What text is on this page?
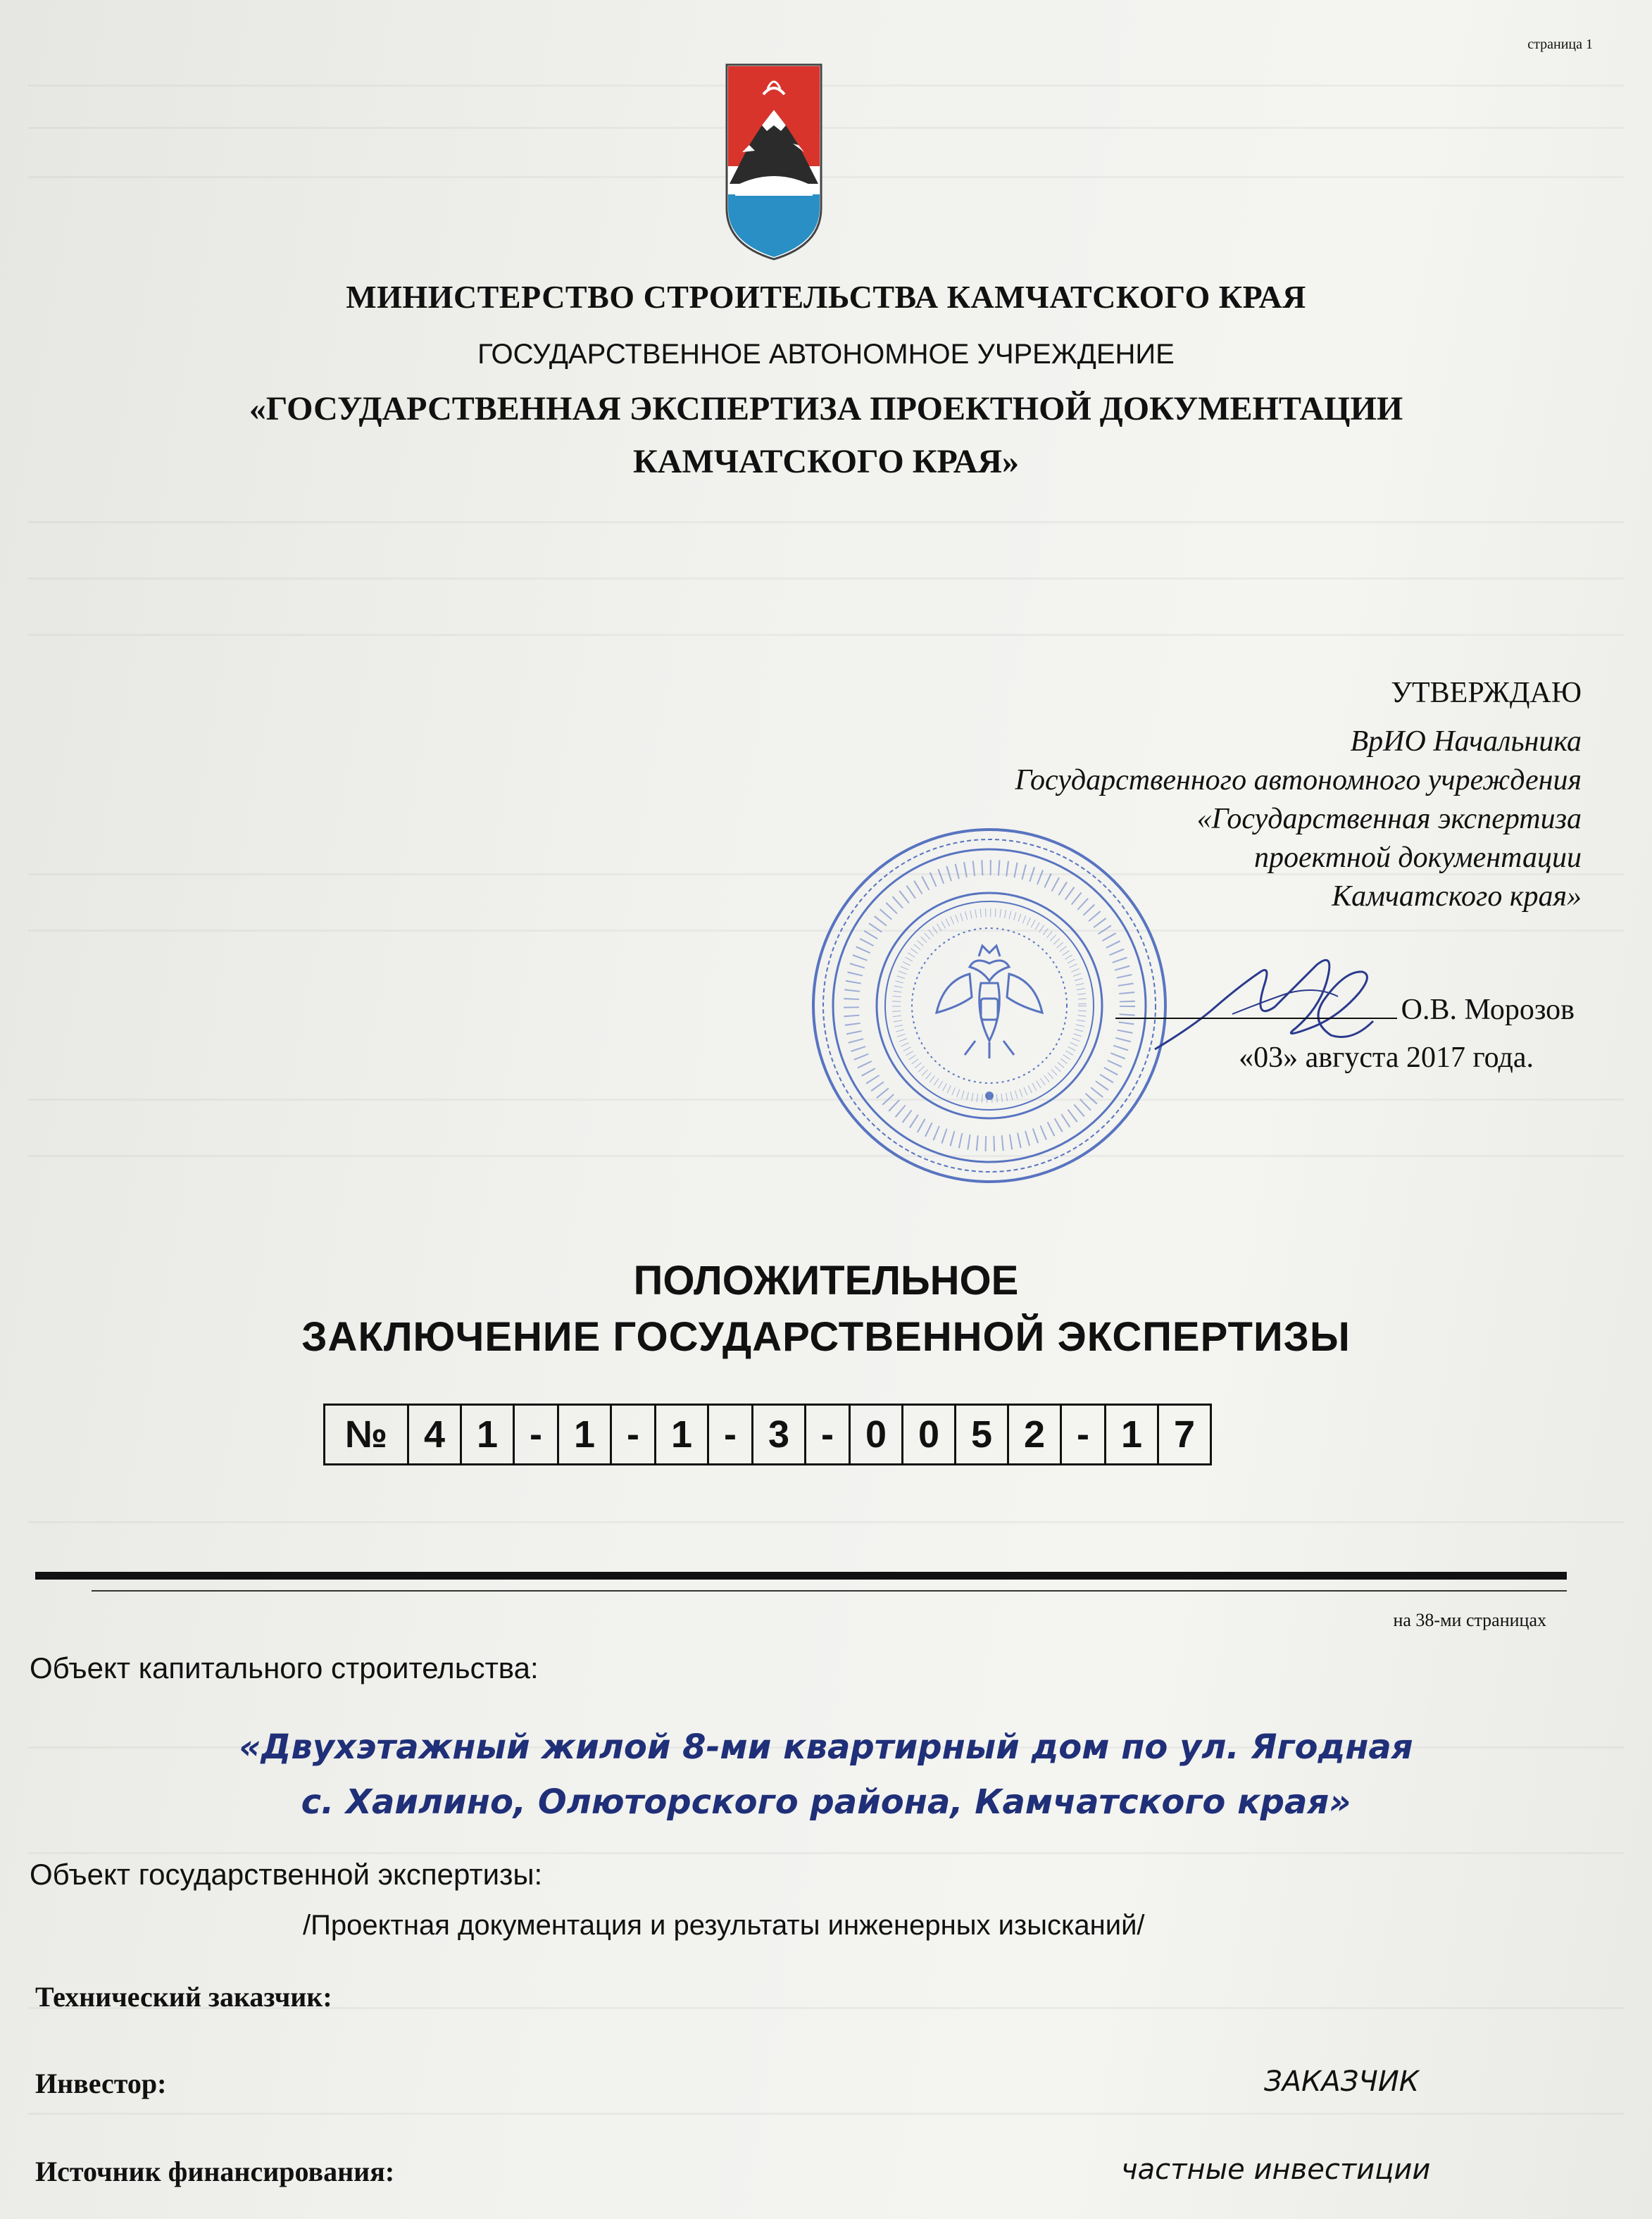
страница 1
МИНИСТЕРСТВО СТРОИТЕЛЬСТВА КАМЧАТСКОГО КРАЯ
ГОСУДАРСТВЕННОЕ АВТОНОМНОЕ УЧРЕЖДЕНИЕ
«ГОСУДАРСТВЕННАЯ ЭКСПЕРТИЗА ПРОЕКТНОЙ ДОКУМЕНТАЦИИ
КАМЧАТСКОГО КРАЯ»
УТВЕРЖДАЮ
ВрИО Начальника
Государственного автономного учреждения
«Государственная экспертиза
проектной документации
Камчатского края»
О.В. Морозов
«03» августа 2017 года.
ПОЛОЖИТЕЛЬНОЕ
ЗАКЛЮЧЕНИЕ ГОСУДАРСТВЕННОЙ ЭКСПЕРТИЗЫ
№ 4 1 - 1 - 1 - 3 - 0 0 5 2 - 1 7
на 38-ми страницах
Объект капитального строительства:
«Двухэтажный жилой 8-ми квартирный дом по ул. Ягодная
с. Хаилино, Олюторского района, Камчатского края»
Объект государственной экспертизы:
/Проектная документация и результаты инженерных изысканий/
Технический заказчик:
Инвестор:	ЗАКАЗЧИК
Источник финансирования:	частные инвестиции
